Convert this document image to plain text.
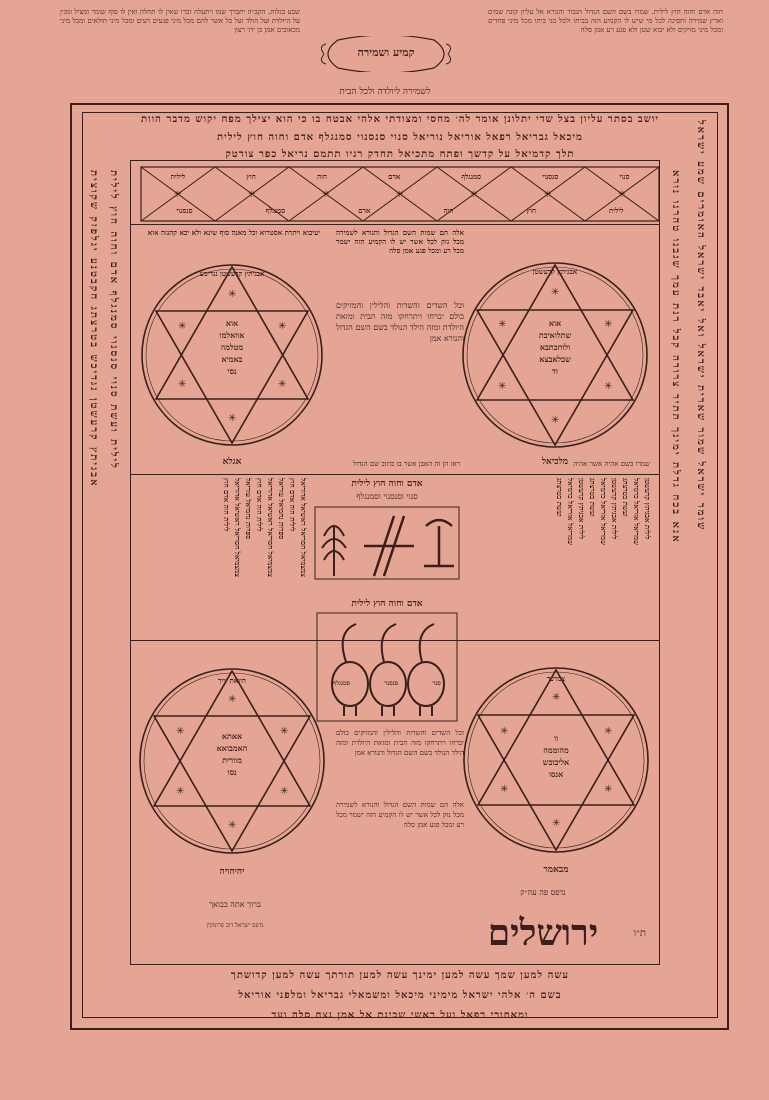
שבע בגלות. הקב״ה יתברך שמו ויתעלה זכרו שאין לו תחלה ואין לו סוף שומר ומציל ומגין על היולדת ועל הולד ועל כל אשר להם מכל מיני פגעים רעים ומכל מיני חולאים ומכל מיני מכאובים אמן כן יהי רצון
חוה אדם וחוה חוץ לילית. שמרו בשם השם הגדול הגבור והנורא אל עליון קונה שמים וארץ שמירה וחסינה לכל מי שיש לו הקמיע הזה בביתו ולכל בני ביתו מכל מיני פחדים ומכל מיני מזיקים ולא יבוא שטן ולא פגע רע אמן סלה
קמיע ושמירה
לשמירה ליולדה ולכל הבית
יושב בסתר עליון בצל שדי יתלונן אומר לה׳ מחסי ומצודתי אלהי אבטח בו כי הוא יצילך מפח יקוש מדבר הוות
מיכאל גבריאל רפאל אוריאל נוריאל סנוי סנסנוי סמנגלף אדם וחוה חוץ לילית
תלך קדמיאל על קדשך ופתח מתכיאל תחדק רגיו תתמם נריאל כפר צורטק
אבגיתץ קרעשטן נגדיכש בטרצתג חקבטנע יגלפזק שקוצית לילית ועשת סנוי סנסנוי סמנגלף אדם וחוה חוץ לילית	שומר ישראל שמור שארית ישראל ואל יאבד ישראל האומרים שמע ישראל
אנא בכח גדלת ימינך תתיר צרורה קבל רנת עמך שגבנו טהרנו נורא
עשה למען שמך עשה למען ימינך עשה למען תורתך עשה למען קדושתך
בשם ה׳ אלהי ישראל מימיני מיכאל ומשמאלי גבריאל ומלפני אוריאל
ומאחורי רפאל ועל ראשי שכינת אל אמן נצח סלה ועד
✳	✳	✳	✳	✳	✳	✳
סנוי
סנסנוי
סמנגלף
אדם
חוה
חוץ
לילית
לילית
חוץ
חוה
אדם
סמנגלף
סנסנוי
יעיבוא ויתרת אסטרוא וכל מאנה סוף שינא ולא יכא קהנזה אוא
✳
✳	✳
✳	✳
✳
אוא
אוואלמו
מטלמוז
באמיא
נסי
אבגיתץ קרעשטן נגדיכש
אגלא
אלה הם שמות השם הגדול והנורא לשמירה מכל נזק לכל אשר יש לו הקמיע הזה ישמר מכל רע ומכל פגע אמן סלה
וכל השדים והשדות והלילין והמזיקים כולם יברחו ויתרחקו מזה הבית ומזאת היולדת ומזה הילד הנולד בשם השם הגדול והנורא אמן
✳
✳	✳
✳	✳
✳
אוא
שתלואיבת
ולוחכתבא
שבלאבצא
וד
אבגיתץ קרעשטן
מלכיאל
ראו הן זה האבן אשר בו כתוב שם הגדול	שמרו בשם אהיה אשר אהיה
צמצמיאל חסריאל ראשיאל אדוריאל
לילית חוה אדם חוץ
ספרות נחמיאל עזריאל
צמצמיאל חסריאל ראשיאל אדוריאל
לילית חוה אדם חוץ
ספרות נחמיאל עזריאל
צמצמיאל חסריאל ראשיאל אדוריאל
לילית חוה אדם חוץ	אדם וחוה חוץ לילית
סנוי וסנסנוי וסמנגלף
אדם וחוה חוץ לילית
סנוי
סנסנוי
סמנגלף
לילית אבגיתץ קרעשטן
שמריאל אזריאל כרמיאל
ועשת בטרצתג
לילית אבגיתץ קרעשטן
שמריאל אזריאל כרמיאל
ועשת בטרצתג
לילית אבגיתץ קרעשטן
שמריאל אזריאל כרמיאל
ועשת בטרצתג
✳
✳	✳
✳	✳
✳
אאתא
האמבואא
מוורית
נסו
היואת זייך
יהיהויה
וכל השדים והשדות והלילין והמזיקים כולם יברחו ויתרחקו מזה הבית ומזאת היולדת ומזה הילד הנולד בשם השם הגדול והנורא אמן
אלה הם שמות השם הגדול והנורא לשמירה מכל נזק לכל אשר יש לו הקמיע הזה ישמר מכל רע ומכל פגע אמן סלה
✳
✳	✳
✳	✳
✳
וו
מהוממה
אליבובש
אנסו
צמרכד
מבאמר
ברוך אתה בבואך
נדפס ישראל דוב פרומקין
נדפס פה עה״ק
ירושלים	ת״ו
